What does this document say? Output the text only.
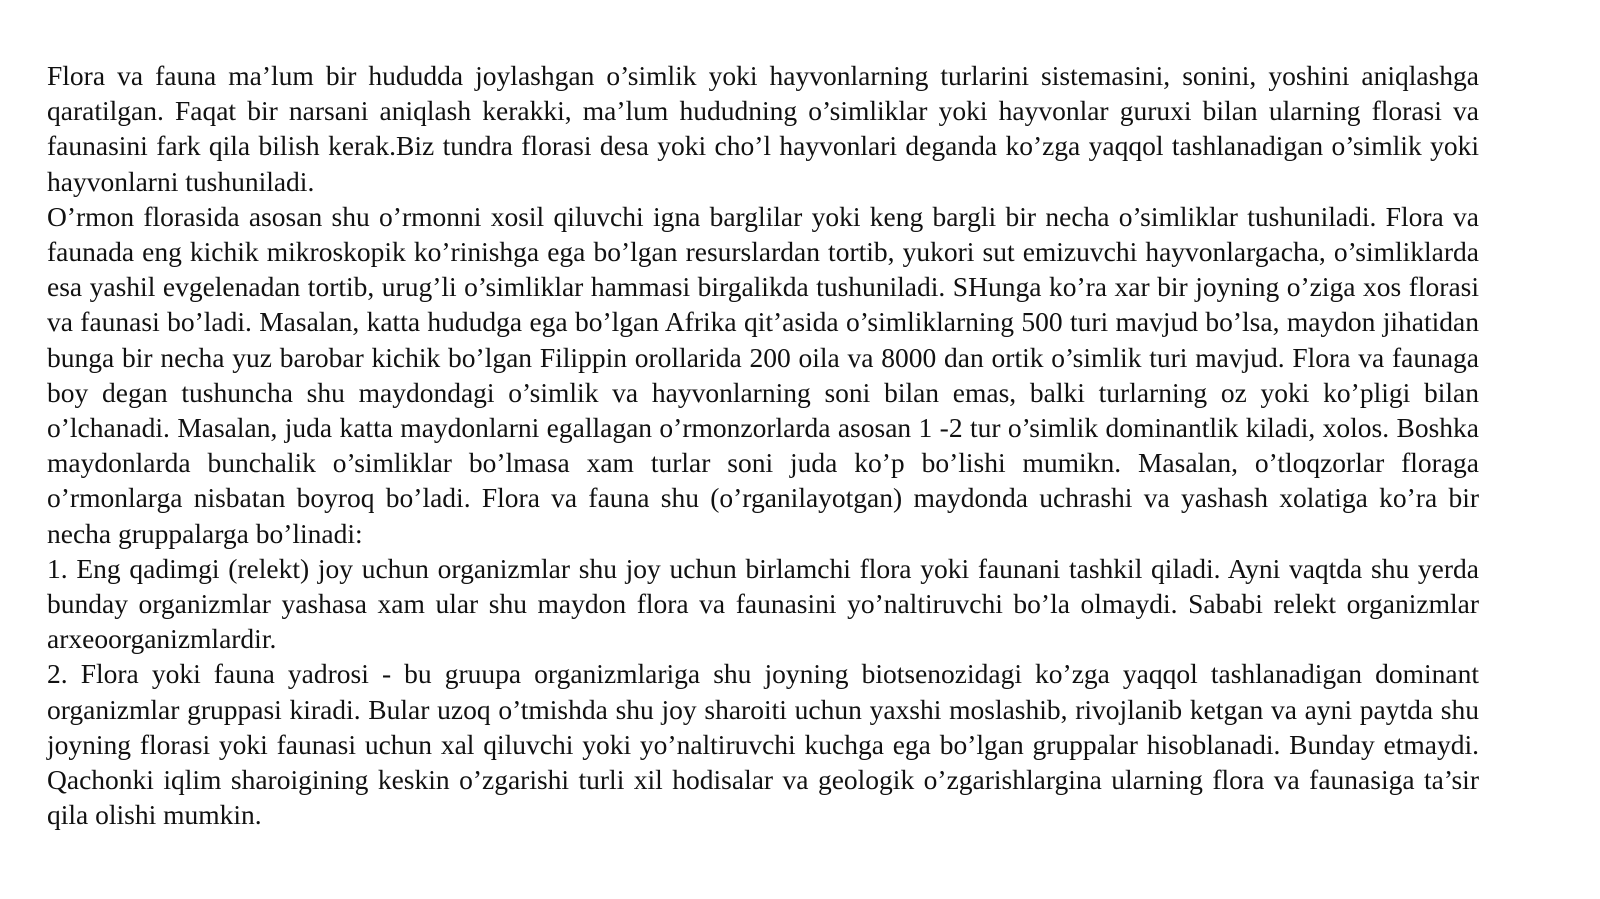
Flora va fauna ma’lum bir hududda joylashgan o’simlik yoki hayvonlarning turlarini sistemasini, sonini, yoshini aniqlashga qaratilgan. Faqat bir narsani aniqlash kerakki, ma’lum hududning o’simliklar yoki hayvonlar guruxi bilan ularning florasi va faunasini fark qila bilish kerak.Biz tundra florasi desa yoki cho’l hayvonlari deganda ko’zga yaqqol tashlanadigan o’simlik yoki hayvonlarni tushuniladi.

O’rmon florasida asosan shu o’rmonni xosil qiluvchi igna barglilar yoki keng bargli bir necha o’simliklar tushuniladi. Flora va faunada eng kichik mikroskopik ko’rinishga ega bo’lgan resurslardan tortib, yukori sut emizuvchi hayvonlargacha, o’simliklarda esa yashil evgelenadan tortib, urug’li o’simliklar hammasi birgalikda tushuniladi. SHunga ko’ra xar bir joyning o’ziga xos florasi va faunasi bo’ladi. Masalan, katta hududga ega bo’lgan Afrika qit’asida o’simliklarning 500 turi mavjud bo’lsa, maydon jihatidan bunga bir necha yuz barobar kichik bo’lgan Filippin orollarida 200 oila va 8000 dan ortik o’simlik turi mavjud. Flora va faunaga boy degan tushuncha shu maydondagi o’simlik va hayvonlarning soni bilan emas, balki turlarning oz yoki ko’pligi bilan o’lchanadi. Masalan, juda katta maydonlarni egallagan o’rmonzorlarda asosan 1 -2 tur o’simlik dominantlik kiladi, xolos. Boshka maydonlarda bunchalik o’simliklar bo’lmasa xam turlar soni juda ko’p bo’lishi mumikn. Masalan, o’tloqzorlar floraga o’rmonlarga nisbatan boyroq bo’ladi. Flora va fauna shu (o’rganilayotgan) maydonda uchrashi va yashash xolatiga ko’ra bir necha gruppalarga bo’linadi:

1. Eng qadimgi (relekt) joy uchun organizmlar shu joy uchun birlamchi flora yoki faunani tashkil qiladi. Ayni vaqtda shu yerda bunday organizmlar yashasa xam ular shu maydon flora va faunasini yo’naltiruvchi bo’la olmaydi. Sababi relekt organizmlar arxeoorganizmlardir.

2. Flora yoki fauna yadrosi - bu gruupa organizmlariga shu joyning biotsenozidagi ko’zga yaqqol tashlanadigan dominant organizmlar gruppasi kiradi. Bular uzoq o’tmishda shu joy sharoiti uchun yaxshi moslashib, rivojlanib ketgan va ayni paytda shu joyning florasi yoki faunasi uchun xal qiluvchi yoki yo’naltiruvchi kuchga ega bo’lgan gruppalar hisoblanadi. Bunday etmaydi. Qachonki iqlim sharoigining keskin o’zgarishi turli xil hodisalar va geologik o’zgarishlargina ularning flora va faunasiga ta’sir qila olishi mumkin.
